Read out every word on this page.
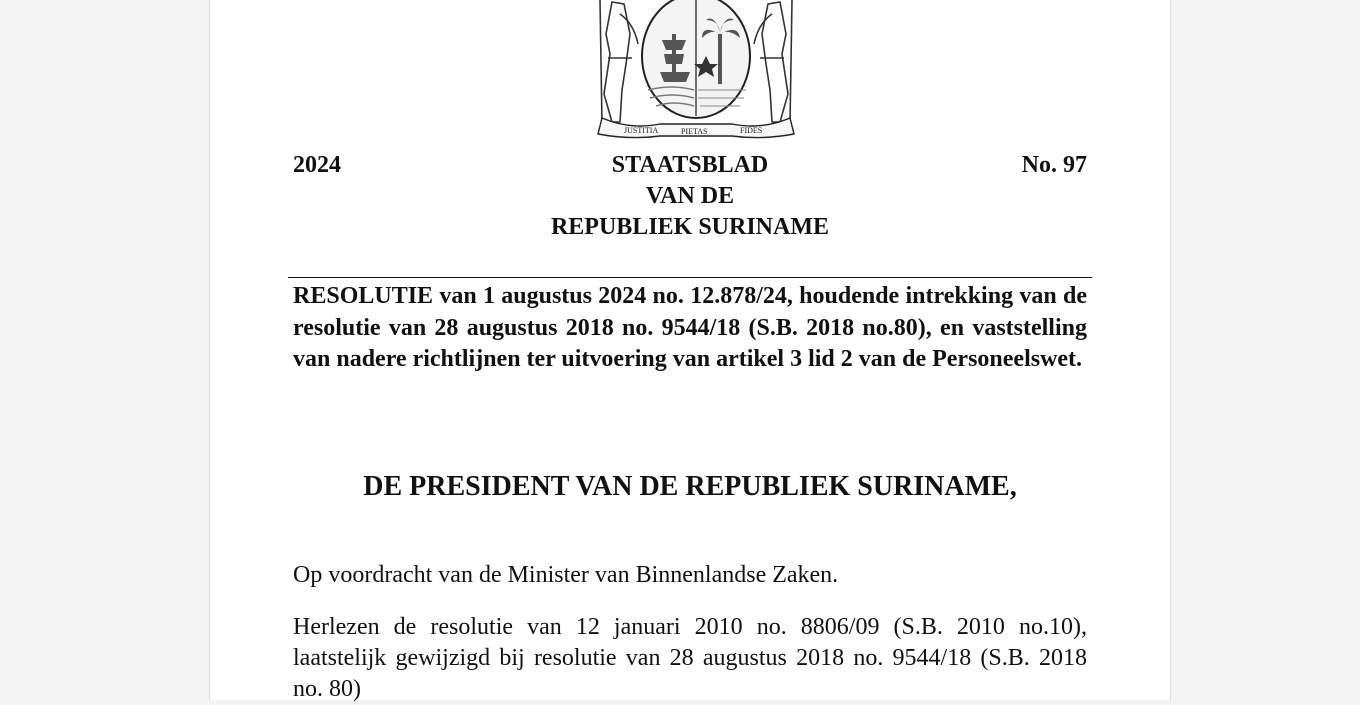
JUSTITIA	PIETAS	FIDES
2024	STAATSBLAD
VAN DE
REPUBLIEK SURINAME
No. 97
RESOLUTIE van 1 augustus 2024 no. 12.878/24, houdende intrekking van de resolutie van 28 augustus 2018 no. 9544/18 (S.B. 2018 no.80), en vaststelling van nadere richtlijnen ter uitvoering van artikel 3 lid 2 van de Personeelswet.
DE PRESIDENT VAN DE REPUBLIEK SURINAME,
Op voordracht van de Minister van Binnenlandse Zaken.
Herlezen de resolutie van 12 januari 2010 no. 8806/09 (S.B. 2010 no.10), laatstelijk gewijzigd bij resolutie van 28 augustus 2018 no. 9544/18 (S.B. 2018 no. 80)
